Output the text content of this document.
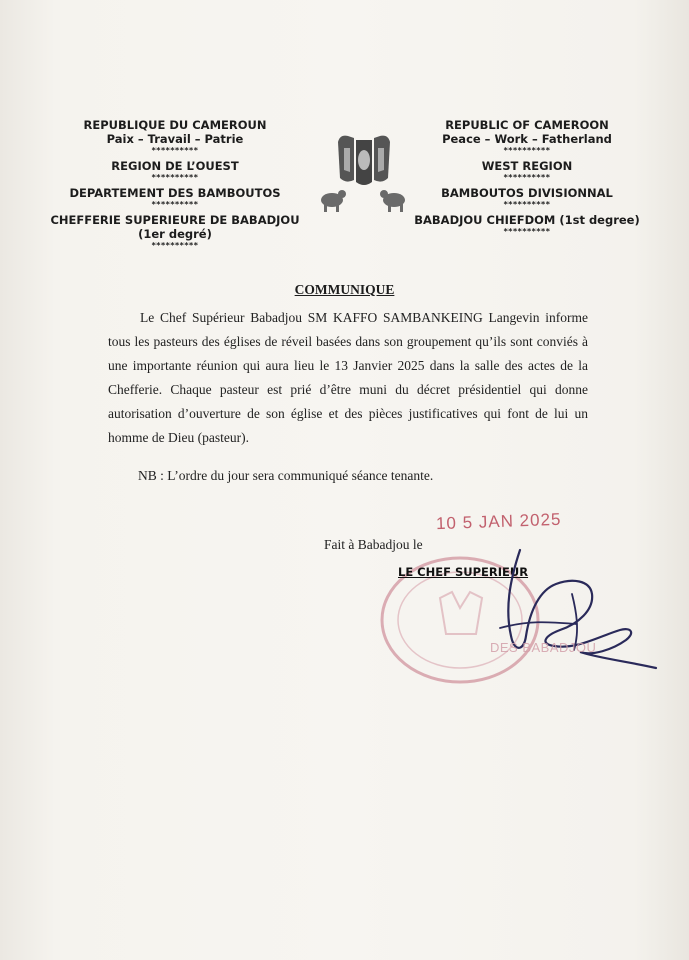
REPUBLIQUE DU CAMEROUN
Paix – Travail – Patrie
**********
REGION DE L’OUEST
**********
DEPARTEMENT DES BAMBOUTOS
**********
CHEFFERIE SUPERIEURE DE BABADJOU
(1er degré)
**********
REPUBLIC OF CAMEROON
Peace – Work – Fatherland
**********
WEST REGION
**********
BAMBOUTOS DIVISIONNAL
**********
BABADJOU CHIEFDOM (1st degree)
**********
COMMUNIQUE

Le Chef Supérieur Babadjou SM KAFFO SAMBANKEING Langevin informe tous les pasteurs des églises de réveil basées dans son groupement qu’ils sont conviés à une importante réunion qui aura lieu le 13 Janvier 2025 dans la salle des actes de la Chefferie. Chaque pasteur est prié d’être muni du décret présidentiel qui donne autorisation d’ouverture de son église et des pièces justificatives qui font de lui un homme de Dieu (pasteur).

NB : L’ordre du jour sera communiqué séance tenante.
10 5 JAN 2025
Fait à Babadjou le
LE CHEF SUPERIEUR
DES BABADJOU
